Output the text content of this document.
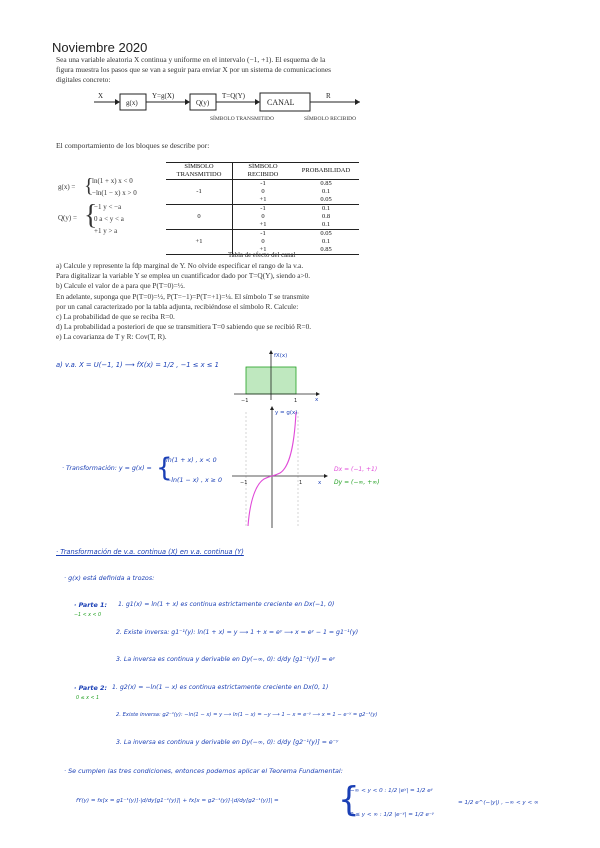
Noviembre 2020
Sea una variable aleatoria X continua y uniforme en el intervalo (−1, +1). El esquema de la
figura muestra los pasos que se van a seguir para enviar X por un sistema de comunicaciones
digitales concreto:
X
g(x)
Y=g(X)
Q(y)
T=Q(Y)
CANAL
R
SÍMBOLO TRANSMITIDO	SÍMBOLO RECIBIDO
El comportamiento de los bloques se describe por:
g(x) = {
ln(1 + x) x < 0
−ln(1 − x) x > 0
Q(y) = {
−1 y < −a
0 a < y < a
+1 y > a
SÍMBOLO TRANSMITIDO	SÍMBOLO RECIBIDO	PROBABILIDAD
-1	-1	0.85
	0	0.1
	+1	0.05
0	-1	0.1
	0	0.8
	+1	0.1
+1	-1	0.05
	0	0.1
	+1	0.85
Tabla de efecto del canal
a) Calcule y represente la fdp marginal de Y. No olvide especificar el rango de la v.a.
Para digitalizar la variable Y se emplea un cuantificador dado por T=Q(Y), siendo a>0.
b) Calcule el valor de a para que P(T=0)=½.
En adelante, suponga que P(T=0)=½, P(T=−1)=P(T=+1)=¼. El símbolo T se transmite
por un canal caracterizado por la tabla adjunta, recibiéndose el símbolo R. Calcule:
c) La probabilidad de que se reciba R=0.
d) La probabilidad a posteriori de que se transmitiera T=0 sabiendo que se recibió R=0.
e) La covarianza de T y R: Cov(T, R).
a) v.a. X = U(−1, 1) ⟶ fX(x) = 1/2 , −1 ≤ x ≤ 1
fX(x)
x
−1	1
y = g(x)
x
−1	1
· Transformación: y = g(x) = {
ln(1 + x) , x < 0
−ln(1 − x) , x ≥ 0
Dx = (−1, +1)
Dy = (−∞, +∞)
· Transformación de v.a. continua (X) en v.a. continua (Y)
· g(x) está definida a trozos:
· Parte 1:
−1 < x < 0
1. g1(x) = ln(1 + x) es continua estrictamente creciente en Dx(−1, 0)
2. Existe inversa: g1⁻¹(y): ln(1 + x) = y ⟶ 1 + x = eʸ ⟶ x = eʸ − 1 = g1⁻¹(y)
3. La inversa es continua y derivable en Dy(−∞, 0): d/dy [g1⁻¹(y)] = eʸ
· Parte 2:
0 ≤ x < 1
1. g2(x) = −ln(1 − x) es continua estrictamente creciente en Dx(0, 1)
2. Existe inversa: g2⁻¹(y): −ln(1 − x) = y ⟶ ln(1 − x) = −y ⟶ 1 − x = e⁻ʸ ⟶ x = 1 − e⁻ʸ = g2⁻¹(y)
3. La inversa es continua y derivable en Dy(−∞, 0): d/dy [g2⁻¹(y)] = e⁻ʸ
· Se cumplen las tres condiciones, entonces podemos aplicar el Teorema Fundamental:
fY(y) = fx[x = g1⁻¹(y)]·|d/dy[g1⁻¹(y)]| + fx[x = g2⁻¹(y)]·|d/dy[g2⁻¹(y)]| = {
−∞ < y < 0 : 1/2 |eʸ| = 1/2 eʸ
0 ≤ y < ∞ : 1/2 |e⁻ʸ| = 1/2 e⁻ʸ
= 1/2 e^(−|y|) , −∞ < y < ∞
